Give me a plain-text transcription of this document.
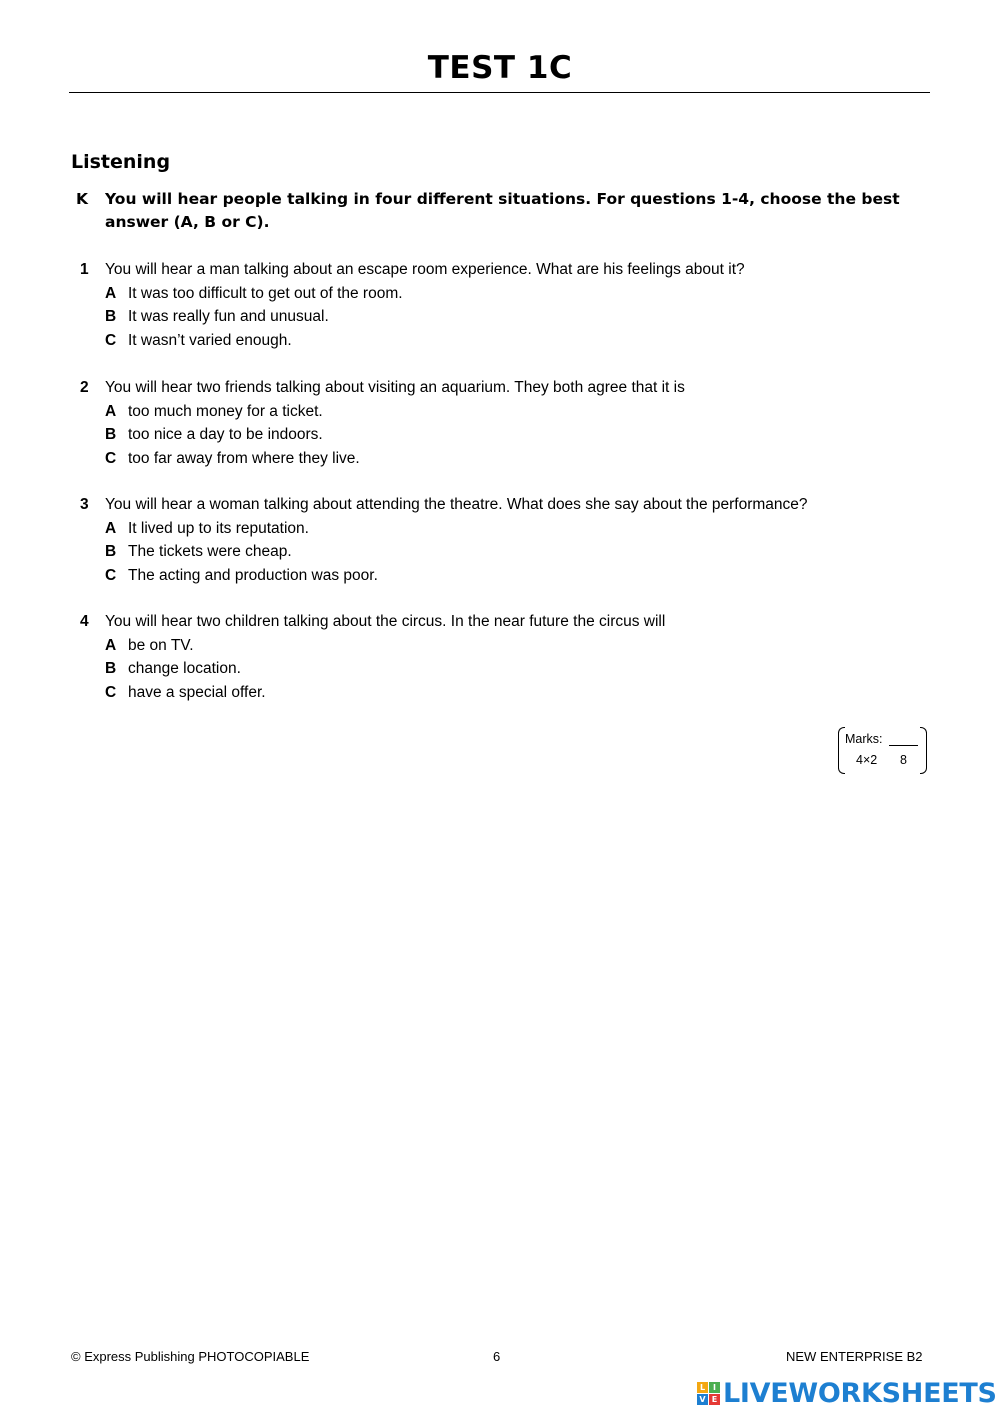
TEST 1C
Listening
K You will hear people talking in four different situations. For questions 1-4, choose the best answer (A, B or C).
1 You will hear a man talking about an escape room experience. What are his feelings about it?
A It was too difficult to get out of the room.
B It was really fun and unusual.
C It wasn’t varied enough.
2 You will hear two friends talking about visiting an aquarium. They both agree that it is
A too much money for a ticket.
B too nice a day to be indoors.
C too far away from where they live.
3 You will hear a woman talking about attending the theatre. What does she say about the performance?
A It lived up to its reputation.
B The tickets were cheap.
C The acting and production was poor.
4 You will hear two children talking about the circus. In the near future the circus will
A be on TV.
B change location.
C have a special offer.
Marks:
4×2 8
© Express Publishing PHOTOCOPIABLE	6	NEW ENTERPRISE B2
L I
V E LIVEWORKSHEETS
